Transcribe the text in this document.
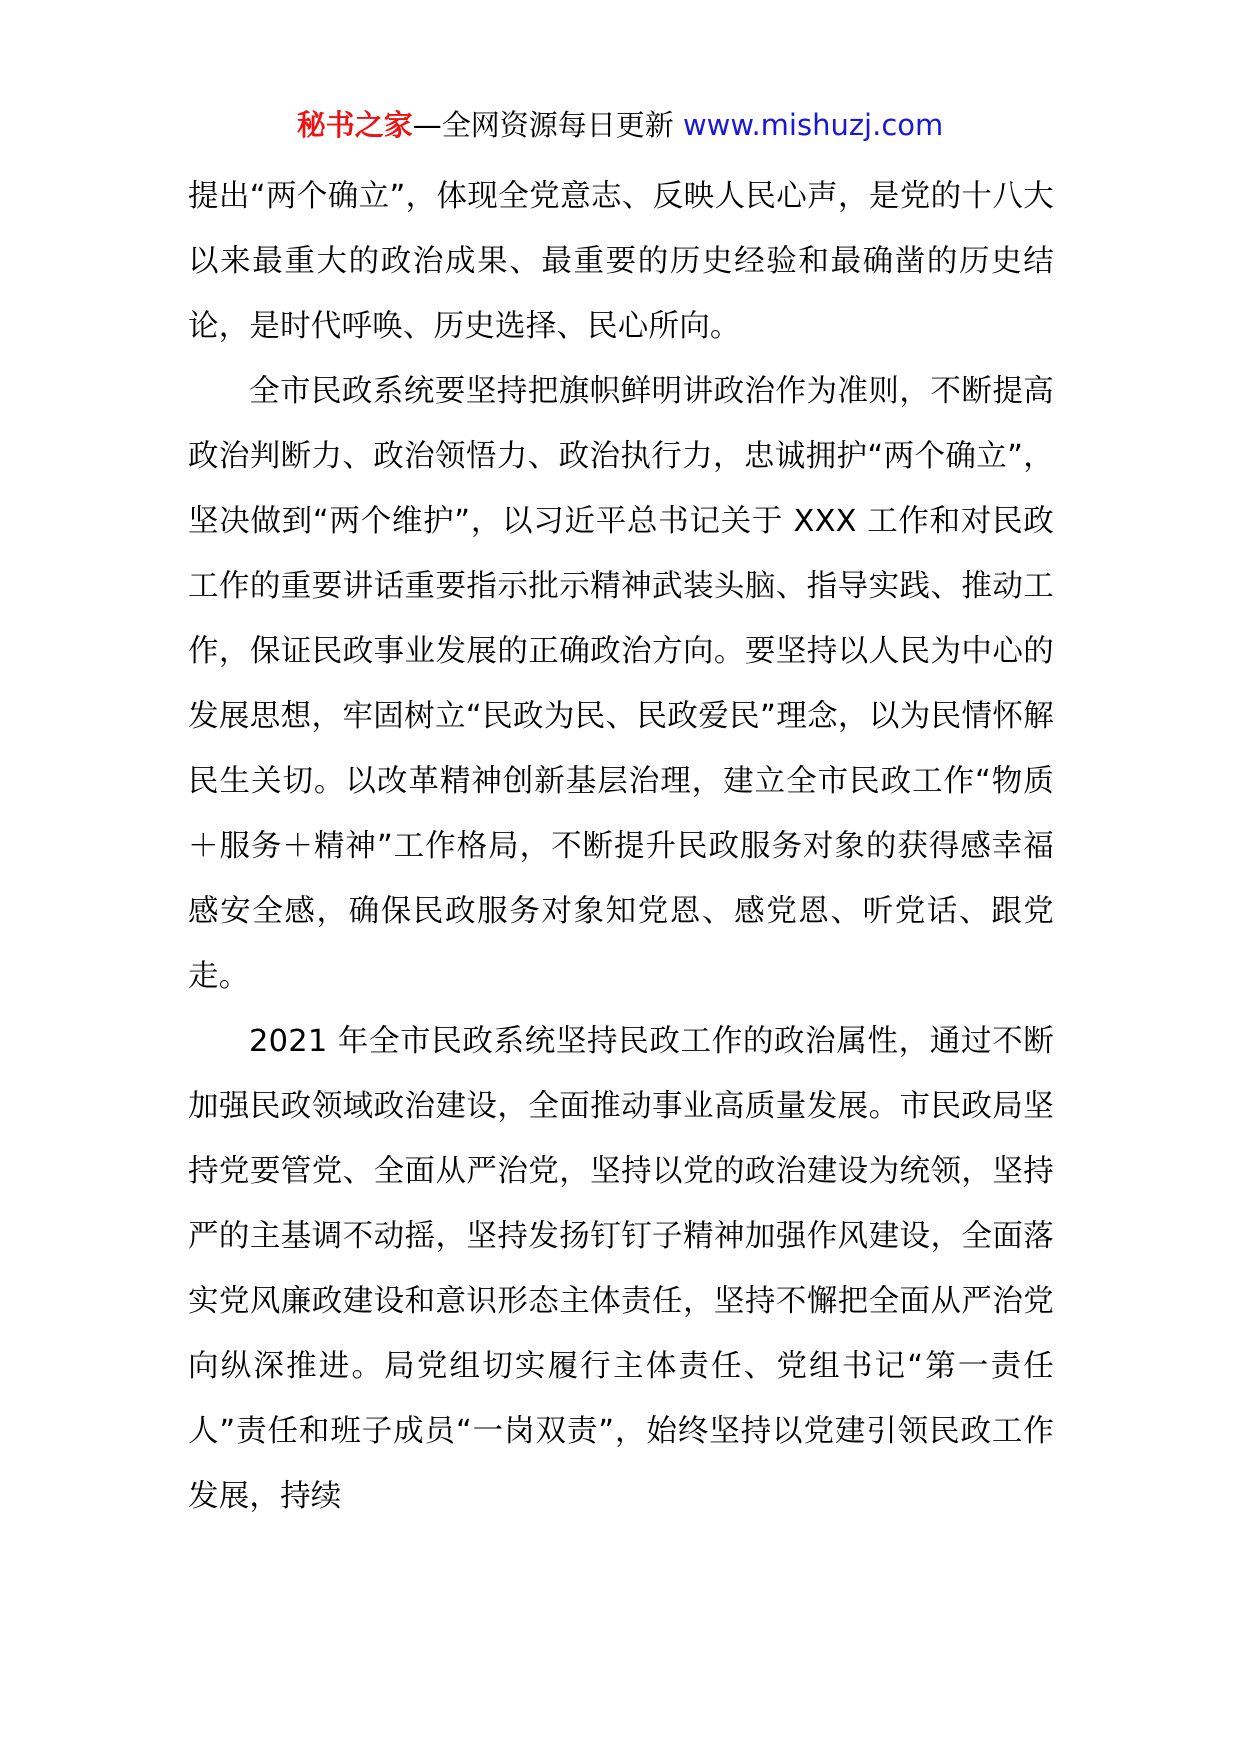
秘书之家—全网资源每日更新 www.mishuzj.com

提出“两个确立”，体现全党意志、反映人民心声，是党的十八大以来最重大的政治成果、最重要的历史经验和最确凿的历史结论，是时代呼唤、历史选择、民心所向。

全市民政系统要坚持把旗帜鲜明讲政治作为准则，不断提高政治判断力、政治领悟力、政治执行力，忠诚拥护“两个确立”，坚决做到“两个维护”，以习近平总书记关于 XXX 工作和对民政工作的重要讲话重要指示批示精神武装头脑、指导实践、推动工作，保证民政事业发展的正确政治方向。要坚持以人民为中心的发展思想，牢固树立“民政为民、民政爱民”理念，以为民情怀解民生关切。以改革精神创新基层治理，建立全市民政工作“物质＋服务＋精神”工作格局，不断提升民政服务对象的获得感幸福感安全感，确保民政服务对象知党恩、感党恩、听党话、跟党走。

2021 年全市民政系统坚持民政工作的政治属性，通过不断加强民政领域政治建设，全面推动事业高质量发展。市民政局坚持党要管党、全面从严治党，坚持以党的政治建设为统领，坚持严的主基调不动摇，坚持发扬钉钉子精神加强作风建设，全面落实党风廉政建设和意识形态主体责任，坚持不懈把全面从严治党向纵深推进。局党组切实履行主体责任、党组书记“第一责任人”责任和班子成员“一岗双责”，始终坚持以党建引领民政工作发展，持续
